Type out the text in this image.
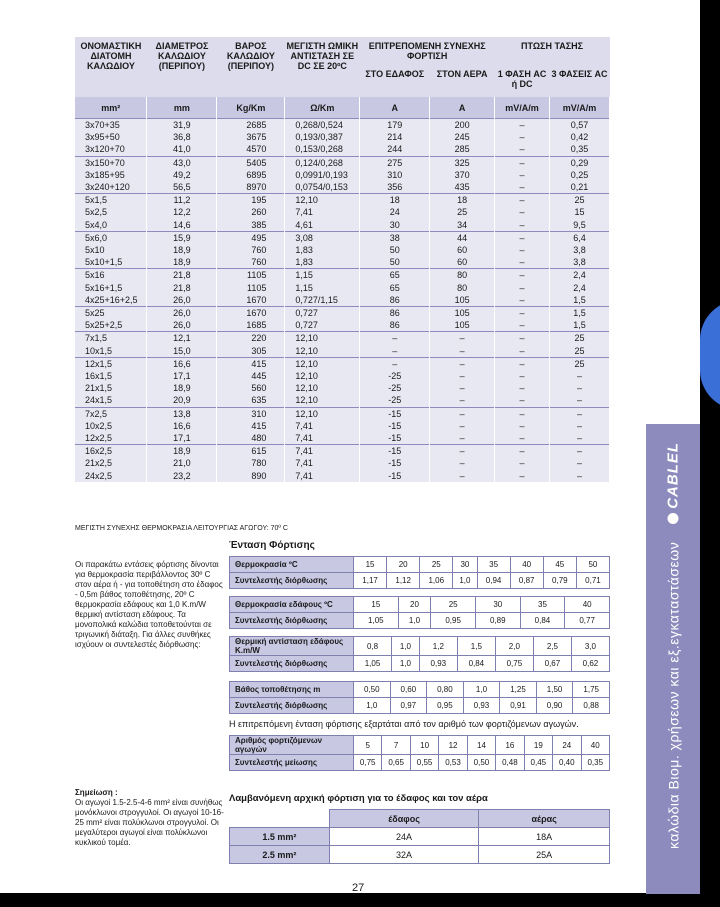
ΟΝΟΜΑΣΤΙΚΗ ΔΙΑΤΟΜΗ ΚΑΛΩΔΙΟΥ	ΔΙΑΜΕΤΡΟΣ ΚΑΛΩΔΙΟΥ (ΠΕΡΙΠΟΥ)	ΒΑΡΟΣ ΚΑΛΩΔΙΟΥ (ΠΕΡΙΠΟΥ)	ΜΕΓΙΣΤΗ ΩΜΙΚΗ ΑΝΤΙΣΤΑΣΗ ΣΕ DC ΣΕ 20ºC	ΕΠΙΤΡΕΠΟΜΕΝΗ ΣΥΝΕΧΗΣ ΦΟΡΤΙΣΗ		ΠΤΩΣΗ ΤΑΣΗΣ	
				ΣΤΟ ΕΔΑΦΟΣ	ΣΤΟΝ ΑΕΡΑ	1 ΦΑΣΗ AC ή DC	3 ΦΑΣΕΙΣ AC
mm²	mm	Kg/Km	Ω/Km	A	A	mV/A/m	mV/A/m
3x70+35	31,9	2685	0,268/0,524	179	200	–	0,57
3x95+50	36,8	3675	0,193/0,387	214	245	–	0,42
3x120+70	41,0	4570	0,153/0,268	244	285	–	0,35
3x150+70	43,0	5405	0,124/0,268	275	325	–	0,29
3x185+95	49,2	6895	0,0991/0,193	310	370	–	0,25
3x240+120	56,5	8970	0,0754/0,153	356	435	–	0,21
5x1,5	11,2	195	12,10	18	18	–	25
5x2,5	12,2	260	7,41	24	25	–	15
5x4,0	14,6	385	4,61	30	34	–	9,5
5x6,0	15,9	495	3,08	38	44	–	6,4
5x10	18,9	760	1,83	50	60	–	3,8
5x10+1,5	18,9	760	1,83	50	60	–	3,8
5x16	21,8	1105	1,15	65	80	–	2,4
5x16+1,5	21,8	1105	1,15	65	80	–	2,4
4x25+16+2,5	26,0	1670	0,727/1,15	86	105	–	1,5
5x25	26,0	1670	0,727	86	105	–	1,5
5x25+2,5	26,0	1685	0,727	86	105	–	1,5
7x1,5	12,1	220	12,10	–	–	–	25
10x1,5	15,0	305	12,10	–	–	–	25
12x1,5	16,6	415	12,10	–	–	–	25
16x1,5	17,1	445	12,10	-25	–	–	–
21x1,5	18,9	560	12,10	-25	–	–	–
24x1,5	20,9	635	12,10	-25	–	–	–
7x2,5	13,8	310	12,10	-15	–	–	–
10x2,5	16,6	415	7,41	-15	–	–	–
12x2,5	17,1	480	7,41	-15	–	–	–
16x2,5	18,9	615	7,41	-15	–	–	–
21x2,5	21,0	780	7,41	-15	–	–	–
24x2,5	23,2	890	7,41	-15	–	–	–
ΜΕΓΙΣΤΗ ΣΥΝΕΧΗΣ ΘΕΡΜΟΚΡΑΣΙΑ ΛΕΙΤΟΥΡΓΙΑΣ ΑΓΩΓΟΥ: 70º C
Οι παρακάτω εντάσεις φόρτισης δίνονται για θερμοκρασία περιβάλλοντος 30º C στον αέρα ή - για τοποθέτηση στο έδαφος - 0,5m βάθος τοποθέτησης, 20º C θερμοκρασία εδάφους και 1,0 K.m/W θερμική αντίσταση εδάφους. Τα μονοπολικά καλώδια τοποθετούνται σε τριγωνική διάταξη. Για άλλες συνθήκες ισχύουν οι συντελεστές διόρθωσης:
Σημείωση :
Οι αγωγοί 1.5-2.5-4-6 mm² είναι συνήθως μονόκλωνοι στρογγυλοί. Οι αγωγοί 10-16-25 mm² είναι πολύκλωνοι στρογγυλοί. Οι μεγαλύτεροι αγωγοί είναι πολύκλωνοι κυκλικού τομέα.
Ένταση Φόρτισης
Θερμοκρασία ºC	15	20	25	30	35	40	45	50
Συντελεστής διόρθωσης	1,17	1,12	1,06	1,0	0,94	0,87	0,79	0,71
Θερμοκρασία εδάφους ºC	15	20	25	30	35	40
Συντελεστής διόρθωσης	1,05	1,0	0,95	0,89	0,84	0,77
Θερμική αντίσταση εδάφους K.m/W	0,8	1,0	1,2	1,5	2,0	2,5	3,0
Συντελεστής διόρθωσης	1,05	1,0	0,93	0,84	0,75	0,67	0,62
Βάθος τοποθέτησης m	0,50	0,60	0,80	1,0	1,25	1,50	1,75
Συντελεστής διόρθωσης	1,0	0,97	0,95	0,93	0,91	0,90	0,88
Η επιτρεπόμενη ένταση φόρτισης εξαρτάται από τον αριθμό των φορτιζόμενων αγωγών.
Αριθμός φορτιζόμενων αγωγών	5	7	10	12	14	16	19	24	40
Συντελεστής μείωσης	0,75	0,65	0,55	0,53	0,50	0,48	0,45	0,40	0,35
Λαμβανόμενη αρχική φόρτιση για το έδαφος και τον αέρα
	έδαφος	αέρας
1.5 mm²	24A	18A
2.5 mm²	32A	25A
27
καλώδια Βιομ. χρήσεων και εξ.εγκαταστάσεων
CABLEL
